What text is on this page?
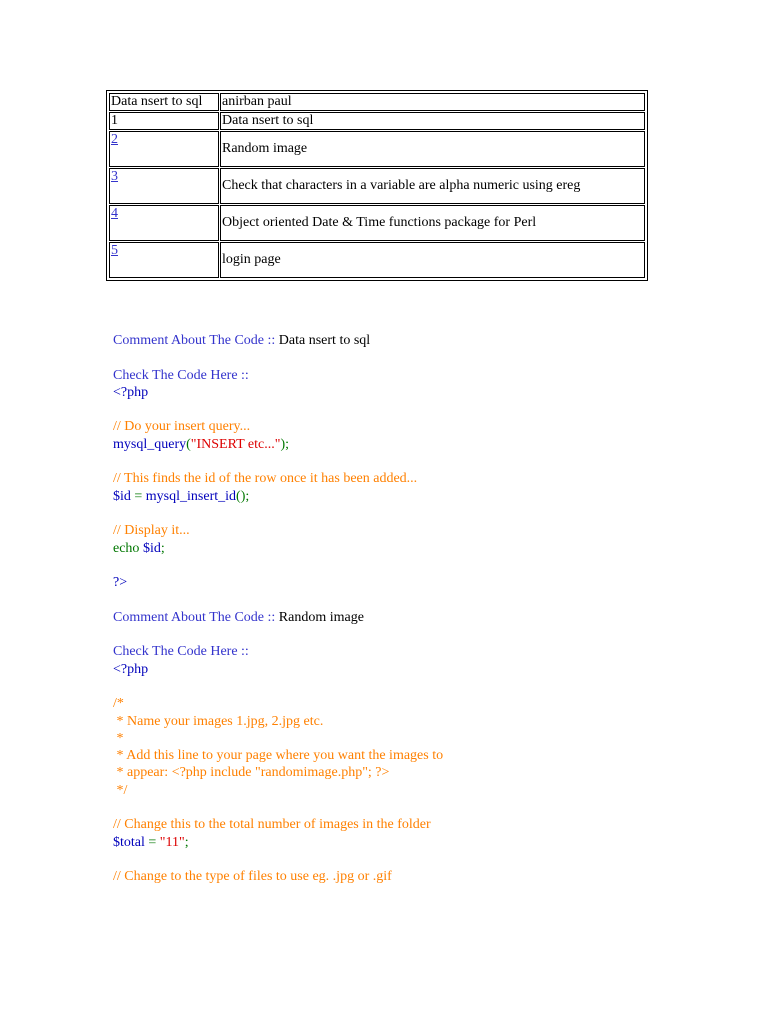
Data nsert to sql	anirban paul
1	Data nsert to sql
2	Random image
3	Check that characters in a variable are alpha numeric using ereg
4	Object oriented Date & Time functions package for Perl
5	login page
Comment About The Code :: Data nsert to sql
Check The Code Here ::
<?php
// Do your insert query...
mysql_query("INSERT etc...");
// This finds the id of the row once it has been added...
$id = mysql_insert_id();
// Display it...
echo $id;
?>
Comment About The Code :: Random image
Check The Code Here ::
<?php
/*
* Name your images 1.jpg, 2.jpg etc.
*
* Add this line to your page where you want the images to
* appear: <?php include "randomimage.php"; ?>
*/
// Change this to the total number of images in the folder
$total = "11";
// Change to the type of files to use eg. .jpg or .gif
